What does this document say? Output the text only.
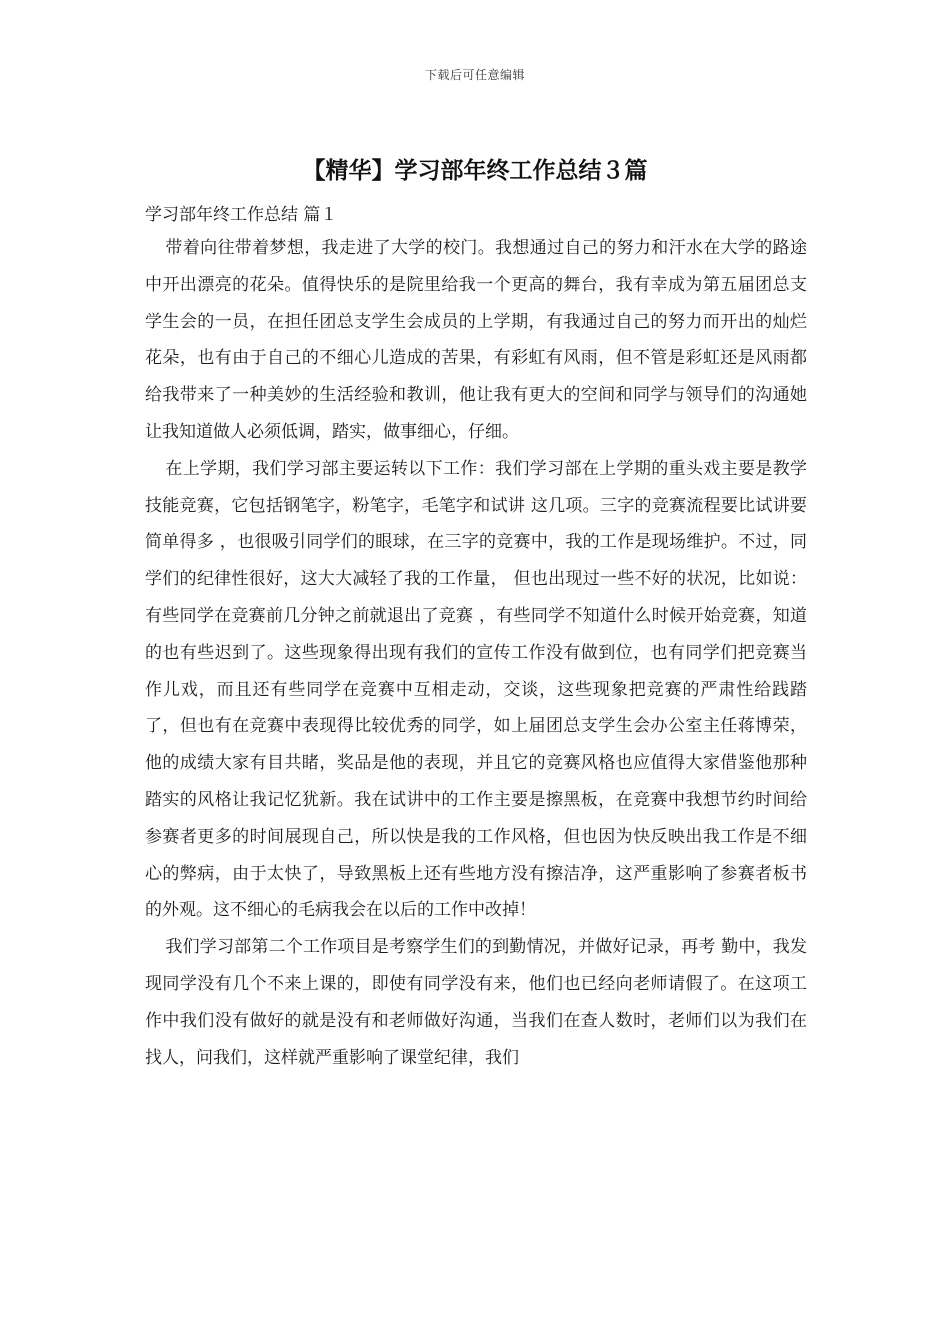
下载后可任意编辑
【精华】学习部年终工作总结３篇
学习部年终工作总结 篇１

带着向往带着梦想，我走进了大学的校门。我想通过自己的努力和汗水在大学的路途中开出漂亮的花朵。值得快乐的是院里给我一个更高的舞台，我有幸成为第五届团总支学生会的一员，在担任团总支学生会成员的上学期，有我通过自己的努力而开出的灿烂花朵，也有由于自己的不细心儿造成的苦果，有彩虹有风雨，但不管是彩虹还是风雨都给我带来了一种美妙的生活经验和教训，他让我有更大的空间和同学与领导们的沟通她让我知道做人必须低调，踏实，做事细心，仔细。

在上学期，我们学习部主要运转以下工作：我们学习部在上学期的重头戏主要是教学技能竞赛，它包括钢笔字，粉笔字，毛笔字和试讲 这几项。三字的竞赛流程要比试讲要简单得多 ，也很吸引同学们的眼球，在三字的竞赛中，我的工作是现场维护。不过，同学们的纪律性很好，这大大减轻了我的工作量， 但也出现过一些不好的状况，比如说：有些同学在竞赛前几分钟之前就退出了竞赛 ，有些同学不知道什么时候开始竞赛，知道的也有些迟到了。这些现象得出现有我们的宣传工作没有做到位，也有同学们把竞赛当作儿戏，而且还有些同学在竞赛中互相走动，交谈，这些现象把竞赛的严肃性给践踏了，但也有在竞赛中表现得比较优秀的同学，如上届团总支学生会办公室主任蒋博荣，他的成绩大家有目共睹，奖品是他的表现，并且它的竞赛风格也应值得大家借鉴他那种踏实的风格让我记忆犹新。我在试讲中的工作主要是擦黑板，在竞赛中我想节约时间给参赛者更多的时间展现自己，所以快是我的工作风格，但也因为快反映出我工作是不细心的弊病，由于太快了，导致黑板上还有些地方没有擦洁净，这严重影响了参赛者板书的外观。这不细心的毛病我会在以后的工作中改掉！

我们学习部第二个工作项目是考察学生们的到勤情况，并做好记录，再考 勤中，我发现同学没有几个不来上课的，即使有同学没有来，他们也已经向老师请假了。在这项工作中我们没有做好的就是没有和老师做好沟通，当我们在查人数时，老师们以为我们在找人，问我们，这样就严重影响了课堂纪律，我们
